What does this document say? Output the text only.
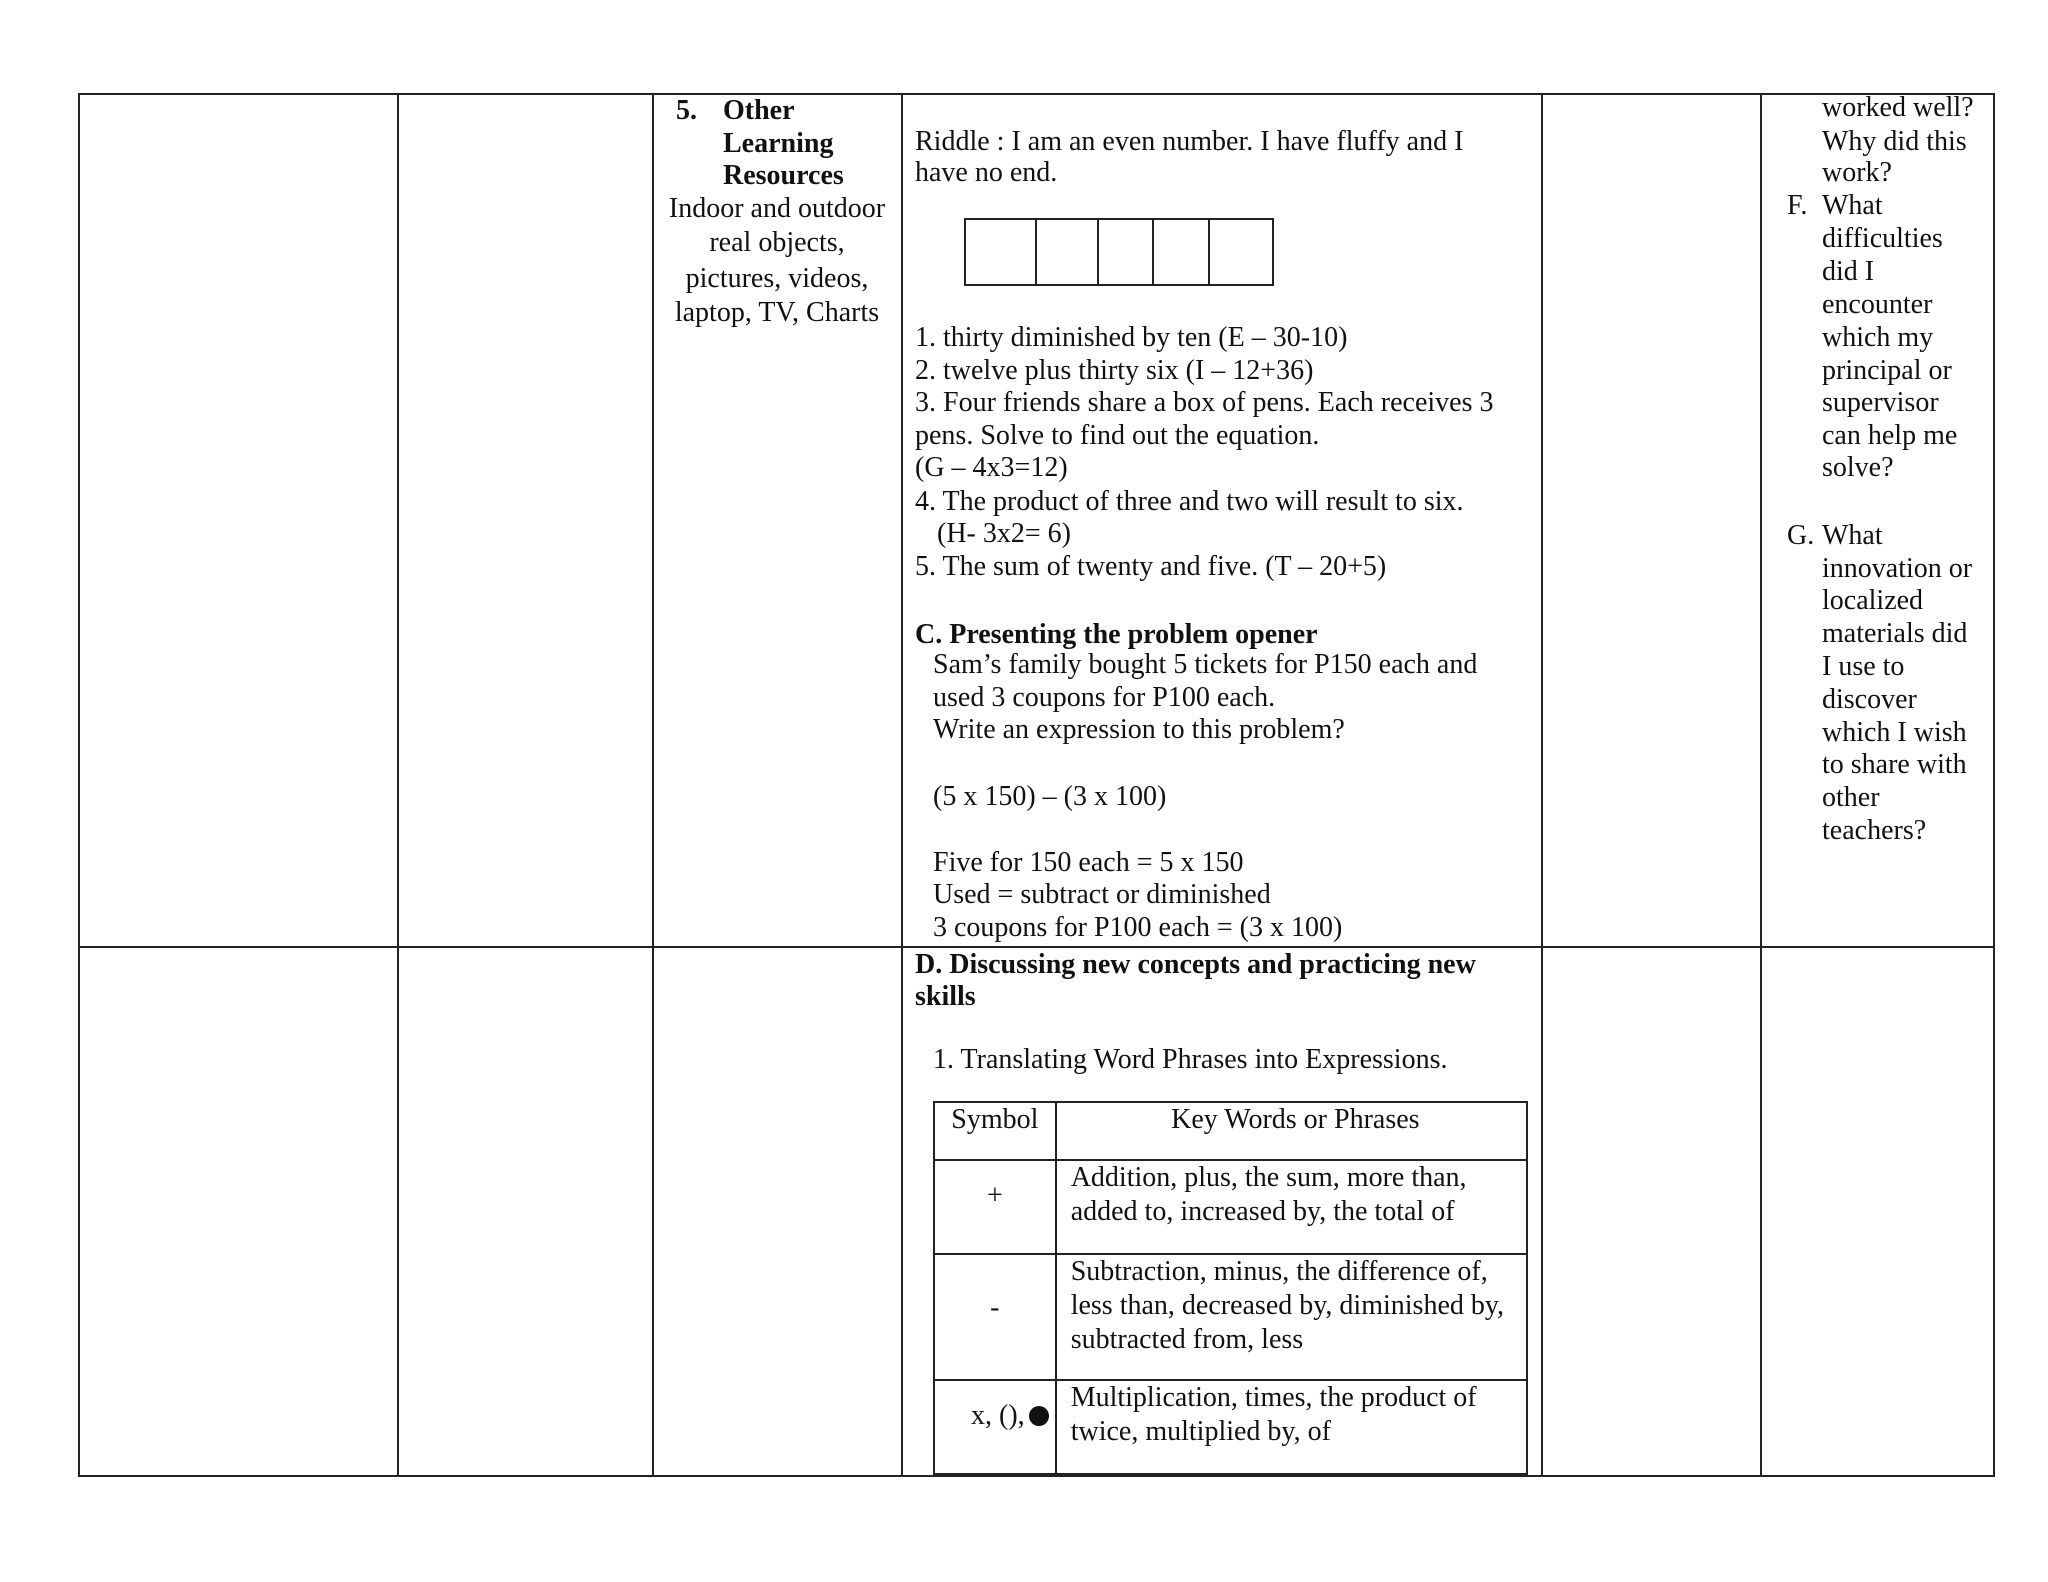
5. Other
Learning
Resources
Indoor and outdoor
real objects,
pictures, videos,
laptop, TV, Charts
Riddle : I am an even number. I have fluffy and I
have no end.
1. thirty diminished by ten (E – 30-10)
2. twelve plus thirty six (I – 12+36)
3. Four friends share a box of pens. Each receives 3
pens. Solve to find out the equation.
(G – 4x3=12)
4. The product of three and two will result to six.
(H- 3x2= 6)
5. The sum of twenty and five. (T – 20+5)
C. Presenting the problem opener
Sam’s family bought 5 tickets for P150 each and
used 3 coupons for P100 each.
Write an expression to this problem?
(5 x 150) – (3 x 100)
Five for 150 each = 5 x 150
Used = subtract or diminished
3 coupons for P100 each = (3 x 100)
D. Discussing new concepts and practicing new
skills
1. Translating Word Phrases into Expressions.
Symbol	Key Words or Phrases
+	Addition, plus, the sum, more than,
added to, increased by, the total of

-	Subtraction, minus, the difference of,
less than, decreased by, diminished by,
subtracted from, less

x, (),	Multiplication, times, the product of
twice, multiplied by, of
worked well?
Why did this
work?
F. What
difficulties
did I
encounter
which my
principal or
supervisor
can help me
solve?
G. What
innovation or
localized
materials did
I use to
discover
which I wish
to share with
other
teachers?
